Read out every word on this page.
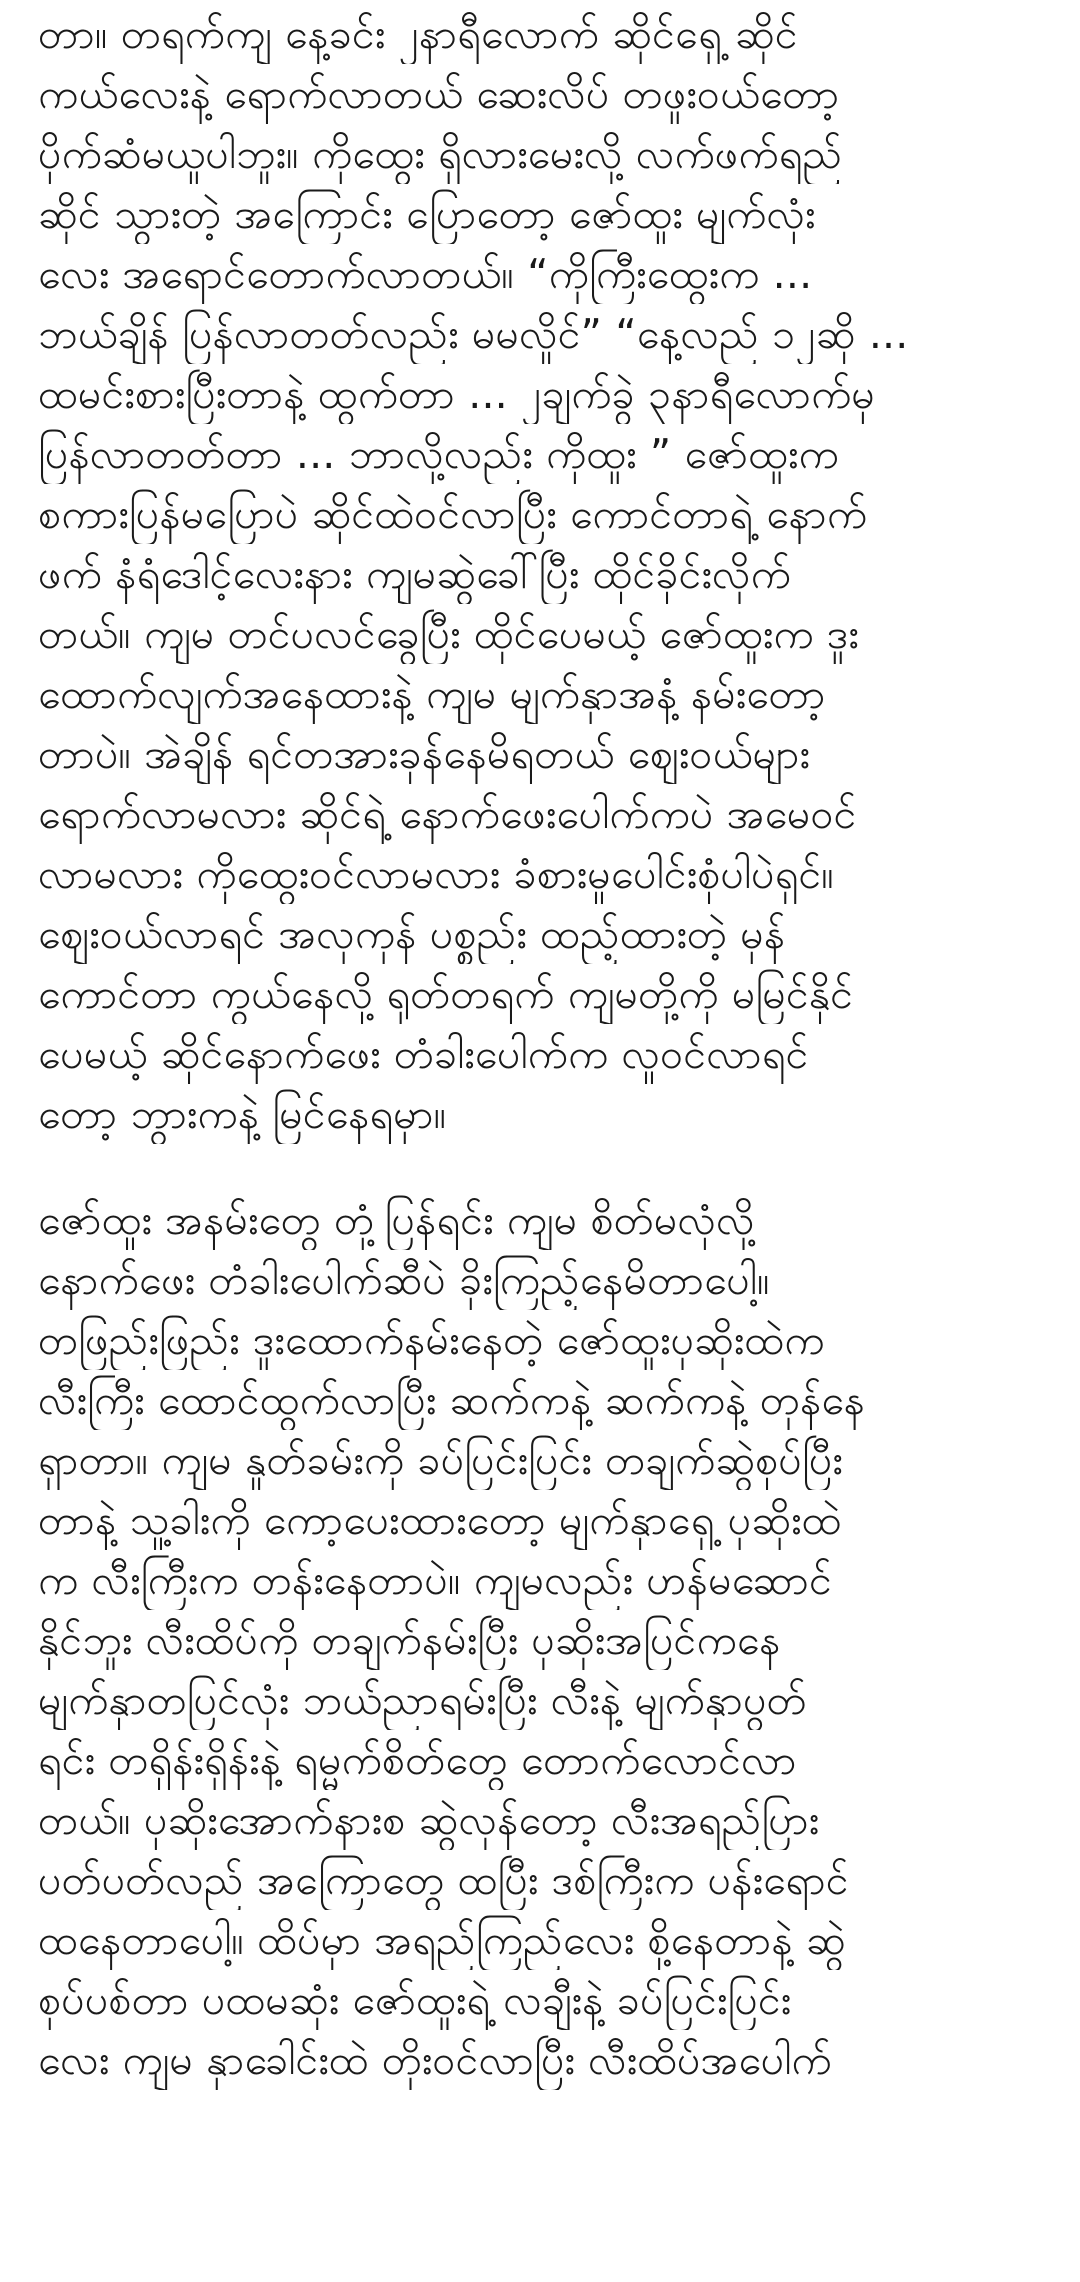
တာ။ တရက်ကျ နေ့ခင်း ၂နာရီလောက် ဆိုင်ရှေ့ ဆိုင်
ကယ်လေးနဲ့ ရောက်လာတယ် ဆေးလိပ် တဖူးဝယ်တော့
ပိုက်ဆံမယူပါဘူး။ ကိုထွေး ရှိလားမေးလို့ လက်ဖက်ရည်
ဆိုင် သွားတဲ့ အကြောင်း ပြောတော့ ဇော်ထူး မျက်လုံး
လေး အရောင်တောက်လာတယ်။ “ကိုကြီးထွေးက ...
ဘယ်ချိန် ပြန်လာတတ်လည်း မမလှိုင်” “နေ့လည် ၁၂ဆို ...
ထမင်းစားပြီးတာနဲ့ ထွက်တာ ... ၂ချက်ခွဲ ၃နာရီလောက်မှ
ပြန်လာတတ်တာ ... ဘာလို့လည်း ကိုထူး ” ဇော်ထူးက
စကားပြန်မပြောပဲ ဆိုင်ထဲဝင်လာပြီး ကောင်တာရဲ့ နောက်
ဖက် နံရံဒေါင့်လေးနား ကျမဆွဲခေါ်ပြီး ထိုင်ခိုင်းလိုက်
တယ်။ ကျမ တင်ပလင်ခွေပြီး ထိုင်ပေမယ့် ဇော်ထူးက ဒူး
ထောက်လျက်အနေထားနဲ့ ကျမ မျက်နှာအနံ့ နမ်းတော့
တာပဲ။ အဲချိန် ရင်တအားခုန်နေမိရတယ် ဈေးဝယ်များ
ရောက်လာမလား ဆိုင်ရဲ့ နောက်ဖေးပေါက်ကပဲ အမေဝင်
လာမလား ကိုထွေးဝင်လာမလား ခံစားမှုပေါင်းစုံပါပဲရှင်။
ဈေးဝယ်လာရင် အလုကုန် ပစ္စည်း ထည့်ထားတဲ့ မှန်
ကောင်တာ ကွယ်နေလို့ ရုတ်တရက် ကျမတို့ကို မမြင်နိုင်
ပေမယ့် ဆိုင်နောက်ဖေး တံခါးပေါက်က လူဝင်လာရင်
တော့ ဘွားကနဲ့ မြင်နေရမှာ။
ဇော်ထူး အနမ်းတွေ တုံ့ပြန်ရင်း ကျမ စိတ်မလုံလို့
နောက်ဖေး တံခါးပေါက်ဆီပဲ ခိုးကြည့်နေမိတာပေါ့။
တဖြည်းဖြည်း ဒူးထောက်နမ်းနေတဲ့ ဇော်ထူးပုဆိုးထဲက
လီးကြီး ထောင်ထွက်လာပြီး ဆက်ကနဲ့ ဆက်ကနဲ့ တုန်နေ
ရှာတာ။ ကျမ နူတ်ခမ်းကို ခပ်ပြင်းပြင်း တချက်ဆွဲစုပ်ပြီး
တာနဲ့ သူ့ခါးကို ကော့ပေးထားတော့ မျက်နှာရှေ့ ပုဆိုးထဲ
က လီးကြီးက တန်းနေတာပဲ။ ကျမလည်း ဟန်မဆောင်
နိုင်ဘူး လီးထိပ်ကို တချက်နမ်းပြီး ပုဆိုးအပြင်ကနေ
မျက်နှာတပြင်လုံး ဘယ်ညာရမ်းပြီး လီးနဲ့ မျက်နှာပွတ်
ရင်း တရှိန်းရှိန်းနဲ့ ရမ္မက်စိတ်တွေ တောက်လောင်လာ
တယ်။ ပုဆိုးအောက်နားစ ဆွဲလှန်တော့ လီးအရည်ပြား
ပတ်ပတ်လည် အကြောတွေ ထပြီး ဒစ်ကြီးက ပန်းရောင်
ထနေတာပေါ့။ ထိပ်မှာ အရည်ကြည်လေး စို့နေတာနဲ့ ဆွဲ
စုပ်ပစ်တာ ပထမဆုံး ဇော်ထူးရဲ့ လချီးနဲ့ ခပ်ပြင်းပြင်း
လေး ကျမ နှာခေါင်းထဲ တိုးဝင်လာပြီး လီးထိပ်အပေါက်
